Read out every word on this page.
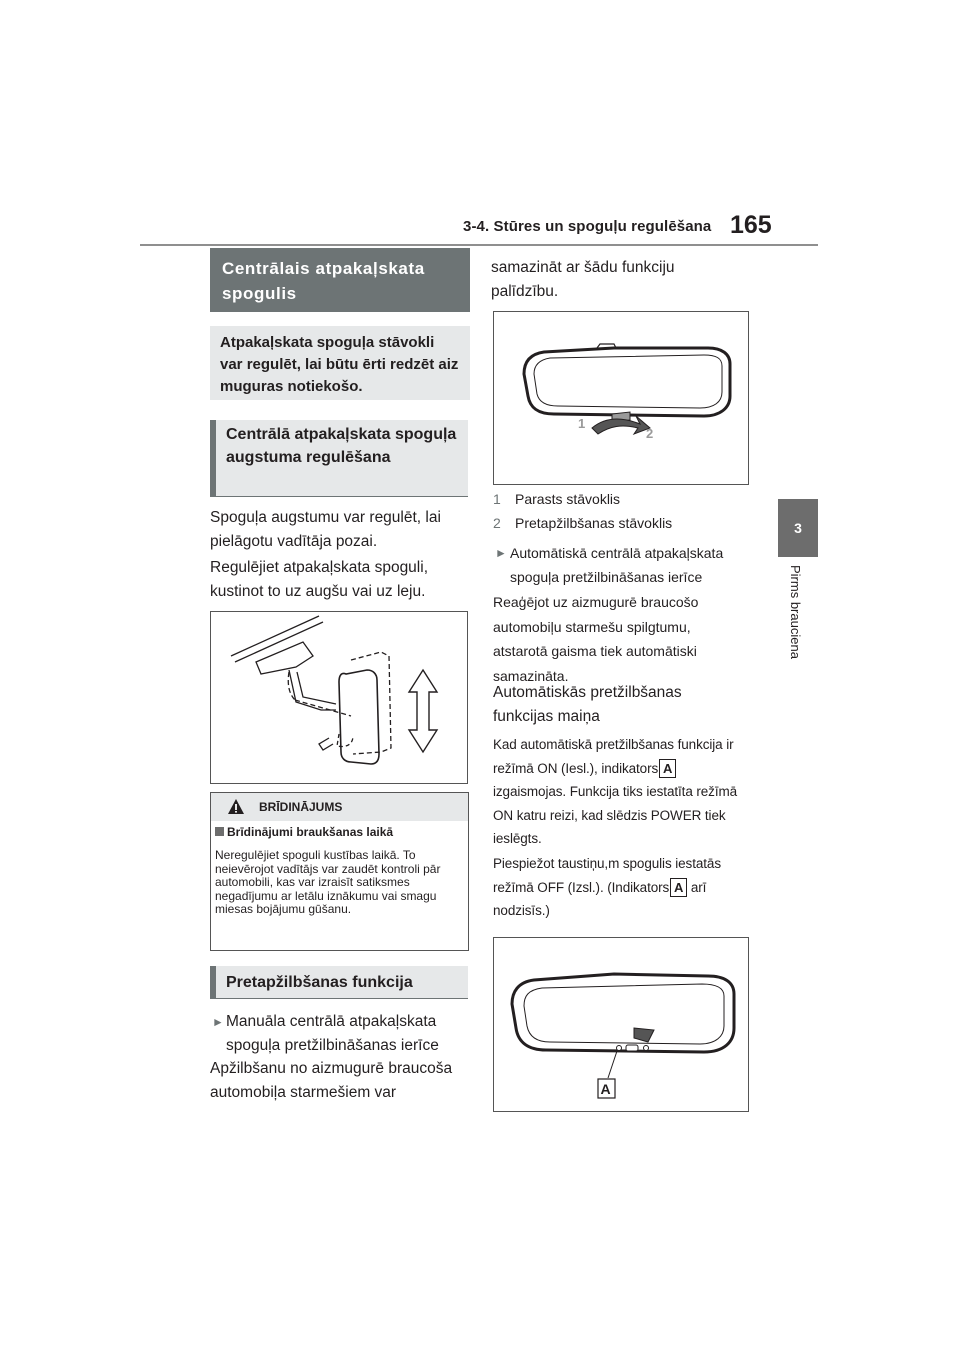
3-4. Stūres un spoguļu regulēšana 165
3
Pirms brauciena
Centrālais atpakaļskata spogulis
Atpakaļskata spoguļa stāvokli var regulēt, lai būtu ērti redzēt aiz muguras notiekošo.
Centrālā atpakaļskata spoguļa augstuma regulēšana
Spoguļa augstumu var regulēt, lai pielāgotu vadītāja pozai.
Regulējiet atpakaļskata spoguli, kustinot to uz augšu vai uz leju.
BRĪDINĀJUMS
Brīdinājumi braukšanas laikā
Neregulējiet spoguli kustības laikā. To neievērojot vadītājs var zaudēt kontroli pār automobili, kas var izraisīt satiksmes negadījumu ar letālu iznākumu vai smagu miesas bojājumu gūšanu.
Pretapžilbšanas funkcija
► Manuāla centrālā atpakaļskata spoguļa pretžilbināšanas ierīce
Apžilbšanu no aizmugurē braucoša automobiļa starmešiem var
samazināt ar šādu funkciju palīdzību.
1
2
1 Parasts stāvoklis
2 Pretapžilbšanas stāvoklis
► Automātiskā centrālā atpakaļskata spoguļa pretžilbināšanas ierīce
Reaģējot uz aizmugurē braucošo automobiļu starmešu spilgtumu, atstarotā gaisma tiek automātiski samazināta.
Automātiskās pretžilbšanas funkcijas maiņa
Kad automātiskā pretžilbšanas funkcija ir režīmā ON (Iesl.), indikators A izgaismojas. Funkcija tiks iestatīta režīmā ON katru reizi, kad slēdzis POWER tiek ieslēgts.
Piespiežot taustiņu,m spogulis iestatās režīmā OFF (Izsl.). (Indikators A arī nodzisīs.)
A
